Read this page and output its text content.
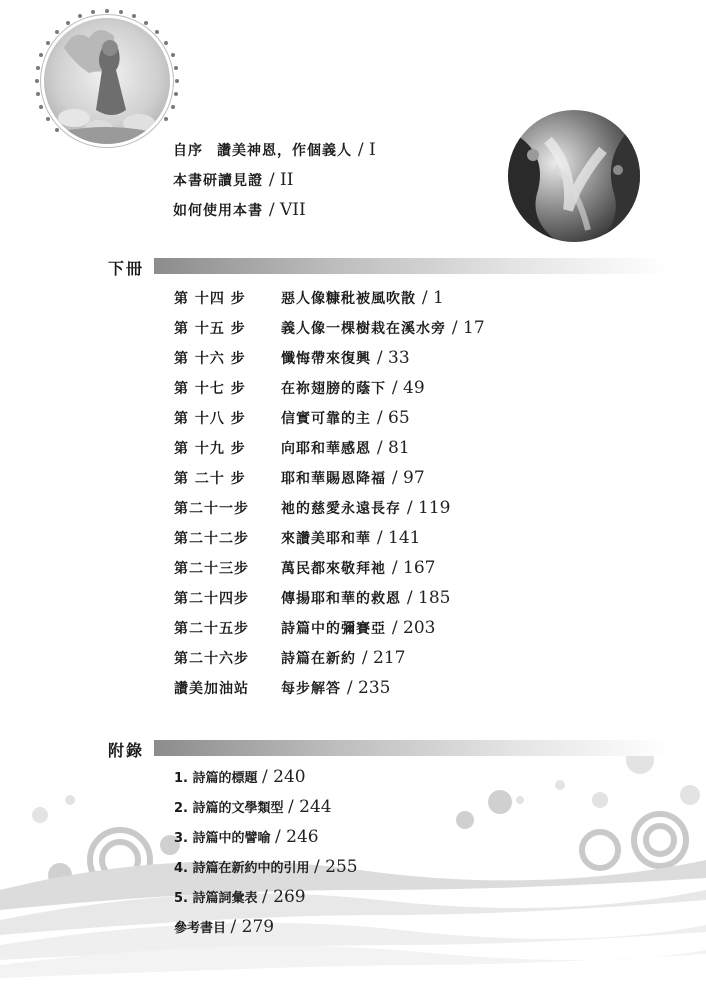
自序 讚美神恩，作個義人 / I
本書研讀見證 / II
如何使用本書 / VII
下冊
第 十四 步	惡人像糠秕被風吹散 / 1
第 十五 步	義人像一棵樹栽在溪水旁 / 17
第 十六 步	懺悔帶來復興 / 33
第 十七 步	在祢翅膀的蔭下 / 49
第 十八 步	信實可靠的主 / 65
第 十九 步	向耶和華感恩 / 81
第 二十 步	耶和華賜恩降福 / 97
第二十一步 祂的慈愛永遠長存 / 119
第二十二步 來讚美耶和華 / 141
第二十三步 萬民都來敬拜祂 / 167
第二十四步 傳揚耶和華的救恩 / 185
第二十五步 詩篇中的彌賽亞 / 203
第二十六步 詩篇在新約 / 217
讚美加油站 每步解答 / 235
附錄
1. 詩篇的標題 / 240
2. 詩篇的文學類型 / 244
3. 詩篇中的譬喻 / 246
4. 詩篇在新約中的引用 / 255
5. 詩篇詞彙表 / 269
參考書目 / 279
